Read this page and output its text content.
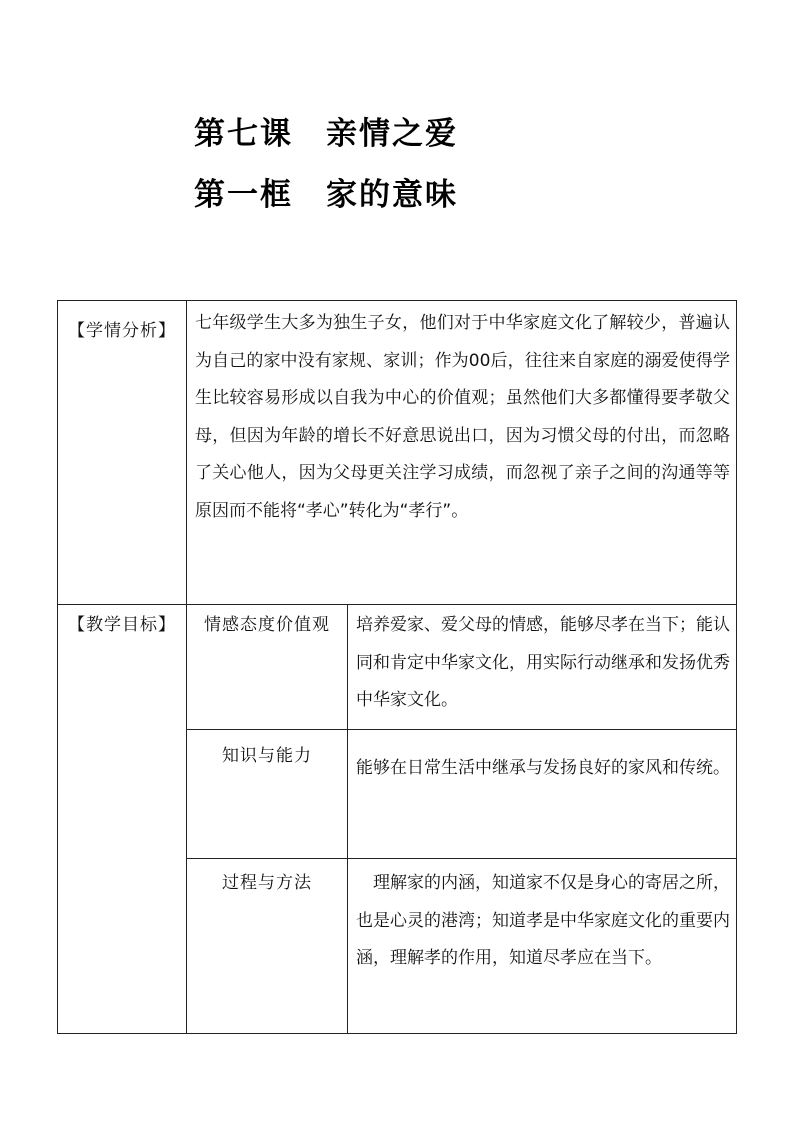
第七课　亲情之爱
第一框　家的意味
【学情分析】	七年级学生大多为独生子女，他们对于中华家庭文化了解较少，普遍认为自己的家中没有家规、家训；作为00后，往往来自家庭的溺爱使得学生比较容易形成以自我为中心的价值观；虽然他们大多都懂得要孝敬父母，但因为年龄的增长不好意思说出口，因为习惯父母的付出，而忽略了关心他人，因为父母更关注学习成绩，而忽视了亲子之间的沟通等等原因而不能将“孝心”转化为“孝行”。	
【教学目标】	情感态度价值观	培养爱家、爱父母的情感，能够尽孝在当下；能认同和肯定中华家文化，用实际行动继承和发扬优秀中华家文化。
	知识与能力	能够在日常生活中继承与发扬良好的家风和传统。
	过程与方法	　理解家的内涵，知道家不仅是身心的寄居之所，也是心灵的港湾；知道孝是中华家庭文化的重要内涵，理解孝的作用，知道尽孝应在当下。
